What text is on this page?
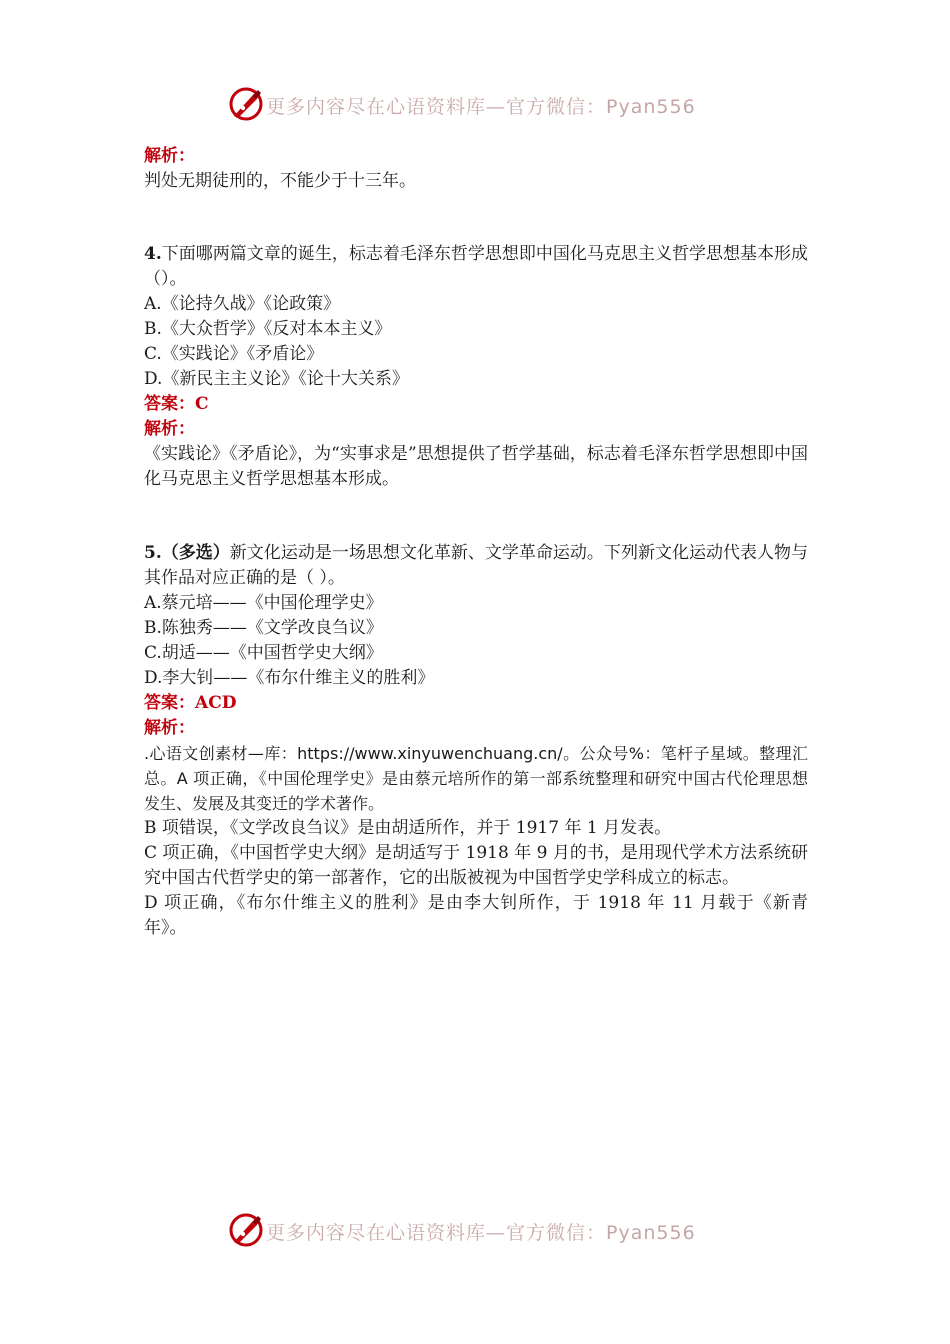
更多内容尽在心语资料库—官方微信：Pyan556

解析：

判处无期徒刑的，不能少于十三年。

4.下面哪两篇文章的诞生，标志着毛泽东哲学思想即中国化马克思主义哲学思想基本形成（）。

A.《论持久战》《论政策》

B.《大众哲学》《反对本本主义》

C.《实践论》《矛盾论》

D.《新民主主义论》《论十大关系》

答案：C

解析：

《实践论》《矛盾论》，为“实事求是”思想提供了哲学基础，标志着毛泽东哲学思想即中国化马克思主义哲学思想基本形成。

5.（多选）新文化运动是一场思想文化革新、文学革命运动。下列新文化运动代表人物与其作品对应正确的是（ ）。

A.蔡元培——《中国伦理学史》

B.陈独秀——《文学改良刍议》

C.胡适——《中国哲学史大纲》

D.李大钊——《布尔什维主义的胜利》

答案：ACD

解析：

.心语文创素材—库：https://www.xinyuwenchuang.cn/。公众号%：笔杆子星域。整理汇总。A 项正确，《中国伦理学史》是由蔡元培所作的第一部系统整理和研究中国古代伦理思想发生、发展及其变迁的学术著作。

B 项错误，《文学改良刍议》是由胡适所作，并于 1917 年 1 月发表。

C 项正确，《中国哲学史大纲》是胡适写于 1918 年 9 月的书，是用现代学术方法系统研究中国古代哲学史的第一部著作，它的出版被视为中国哲学史学科成立的标志。

D 项正确，《布尔什维主义的胜利》是由李大钊所作，于 1918 年 11 月载于《新青年》。

更多内容尽在心语资料库—官方微信：Pyan556
